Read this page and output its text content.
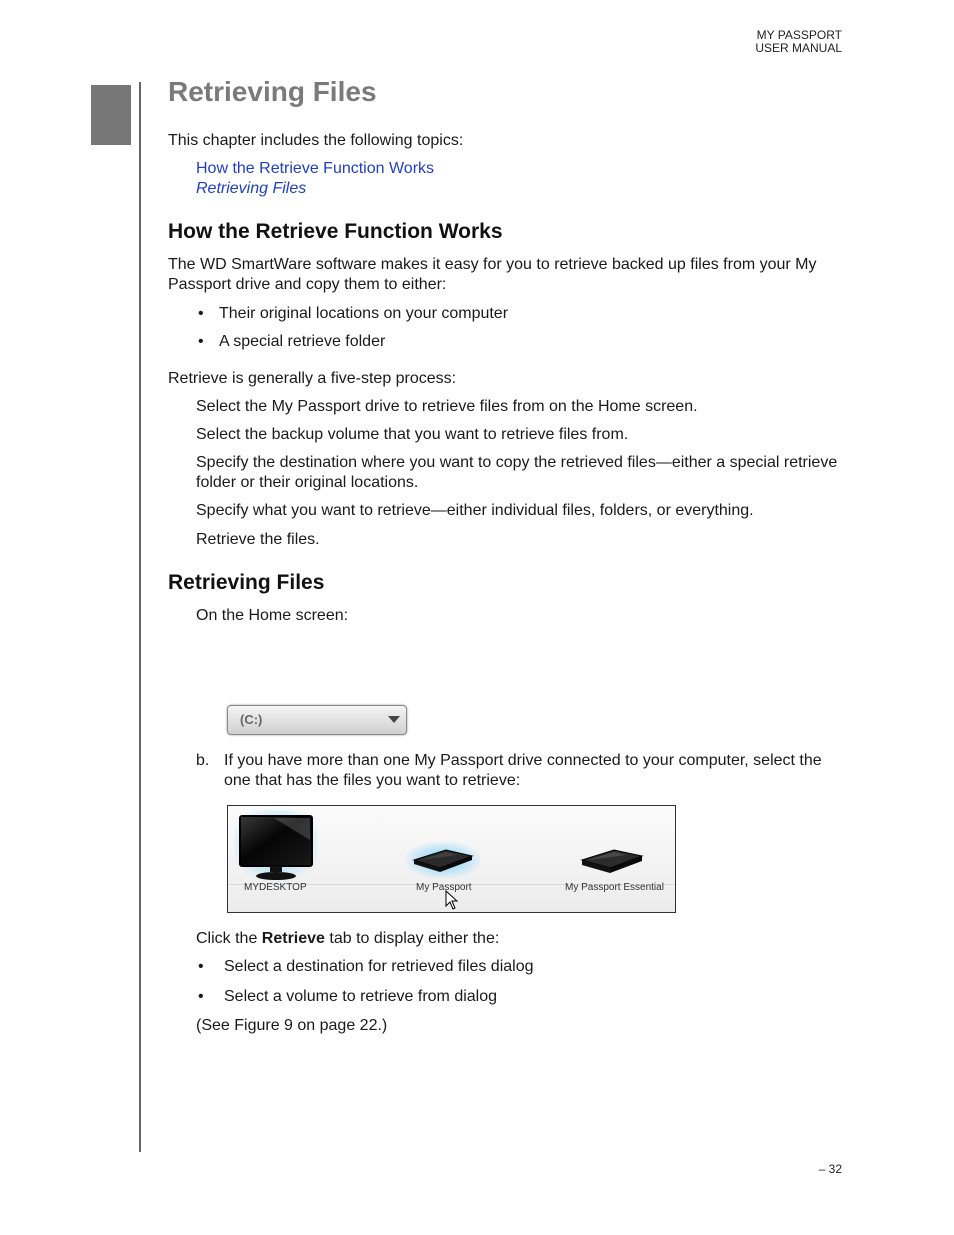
MY PASSPORT
USER MANUAL
Retrieving Files

This chapter includes the following topics:

How the Retrieve Function Works

Retrieving Files

How the Retrieve Function Works

The WD SmartWare software makes it easy for you to retrieve backed up files from your My Passport drive and copy them to either:

• Their original locations on your computer
• A special retrieve folder

Retrieve is generally a five-step process:

Select the My Passport drive to retrieve files from on the Home screen.

Select the backup volume that you want to retrieve files from.

Specify the destination where you want to copy the retrieved files—either a special retrieve folder or their original locations.

Specify what you want to retrieve—either individual files, folders, or everything.

Retrieve the files.

Retrieving Files

On the Home screen:

(C:)

b. If you have more than one My Passport drive connected to your computer, select the one that has the files you want to retrieve:

MYDESKTOP	My Passport	My Passport Essential

Click the Retrieve tab to display either the:

• Select a destination for retrieved files dialog
• Select a volume to retrieve from dialog

(See Figure 9 on page 22.)

– 32
